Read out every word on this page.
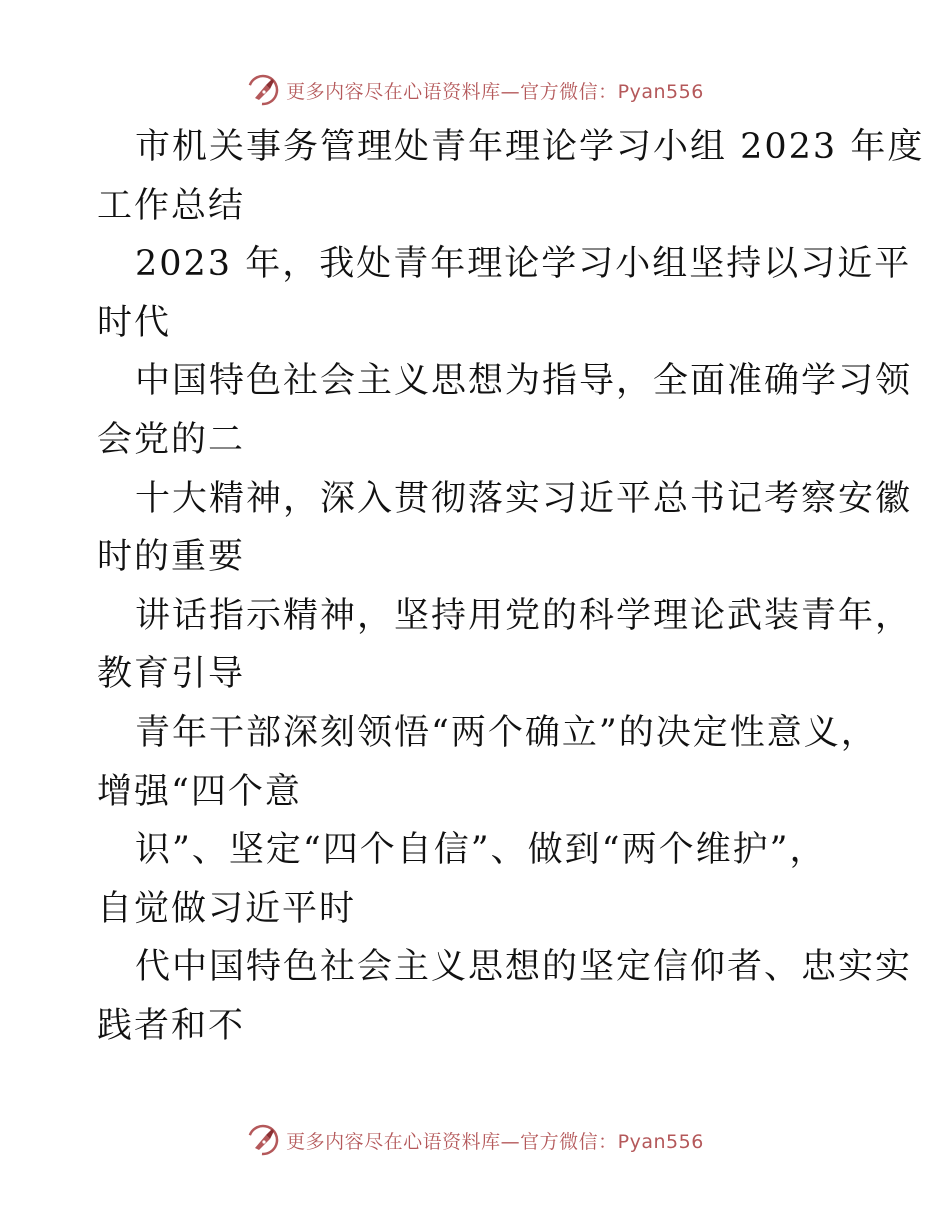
更多内容尽在心语资料库—官方微信：Pyan556
市机关事务管理处青年理论学习小组 2023 年度
工作总结
2023 年，我处青年理论学习小组坚持以习近平
时代
中国特色社会主义思想为指导，全面准确学习领
会党的二
十大精神，深入贯彻落实习近平总书记考察安徽
时的重要
讲话指示精神，坚持用党的科学理论武装青年，
教育引导
青年干部深刻领悟“两个确立”的决定性意义，
增强“四个意
识”、坚定“四个自信”、做到“两个维护”，
自觉做习近平时
代中国特色社会主义思想的坚定信仰者、忠实实
践者和不
更多内容尽在心语资料库—官方微信：Pyan556
